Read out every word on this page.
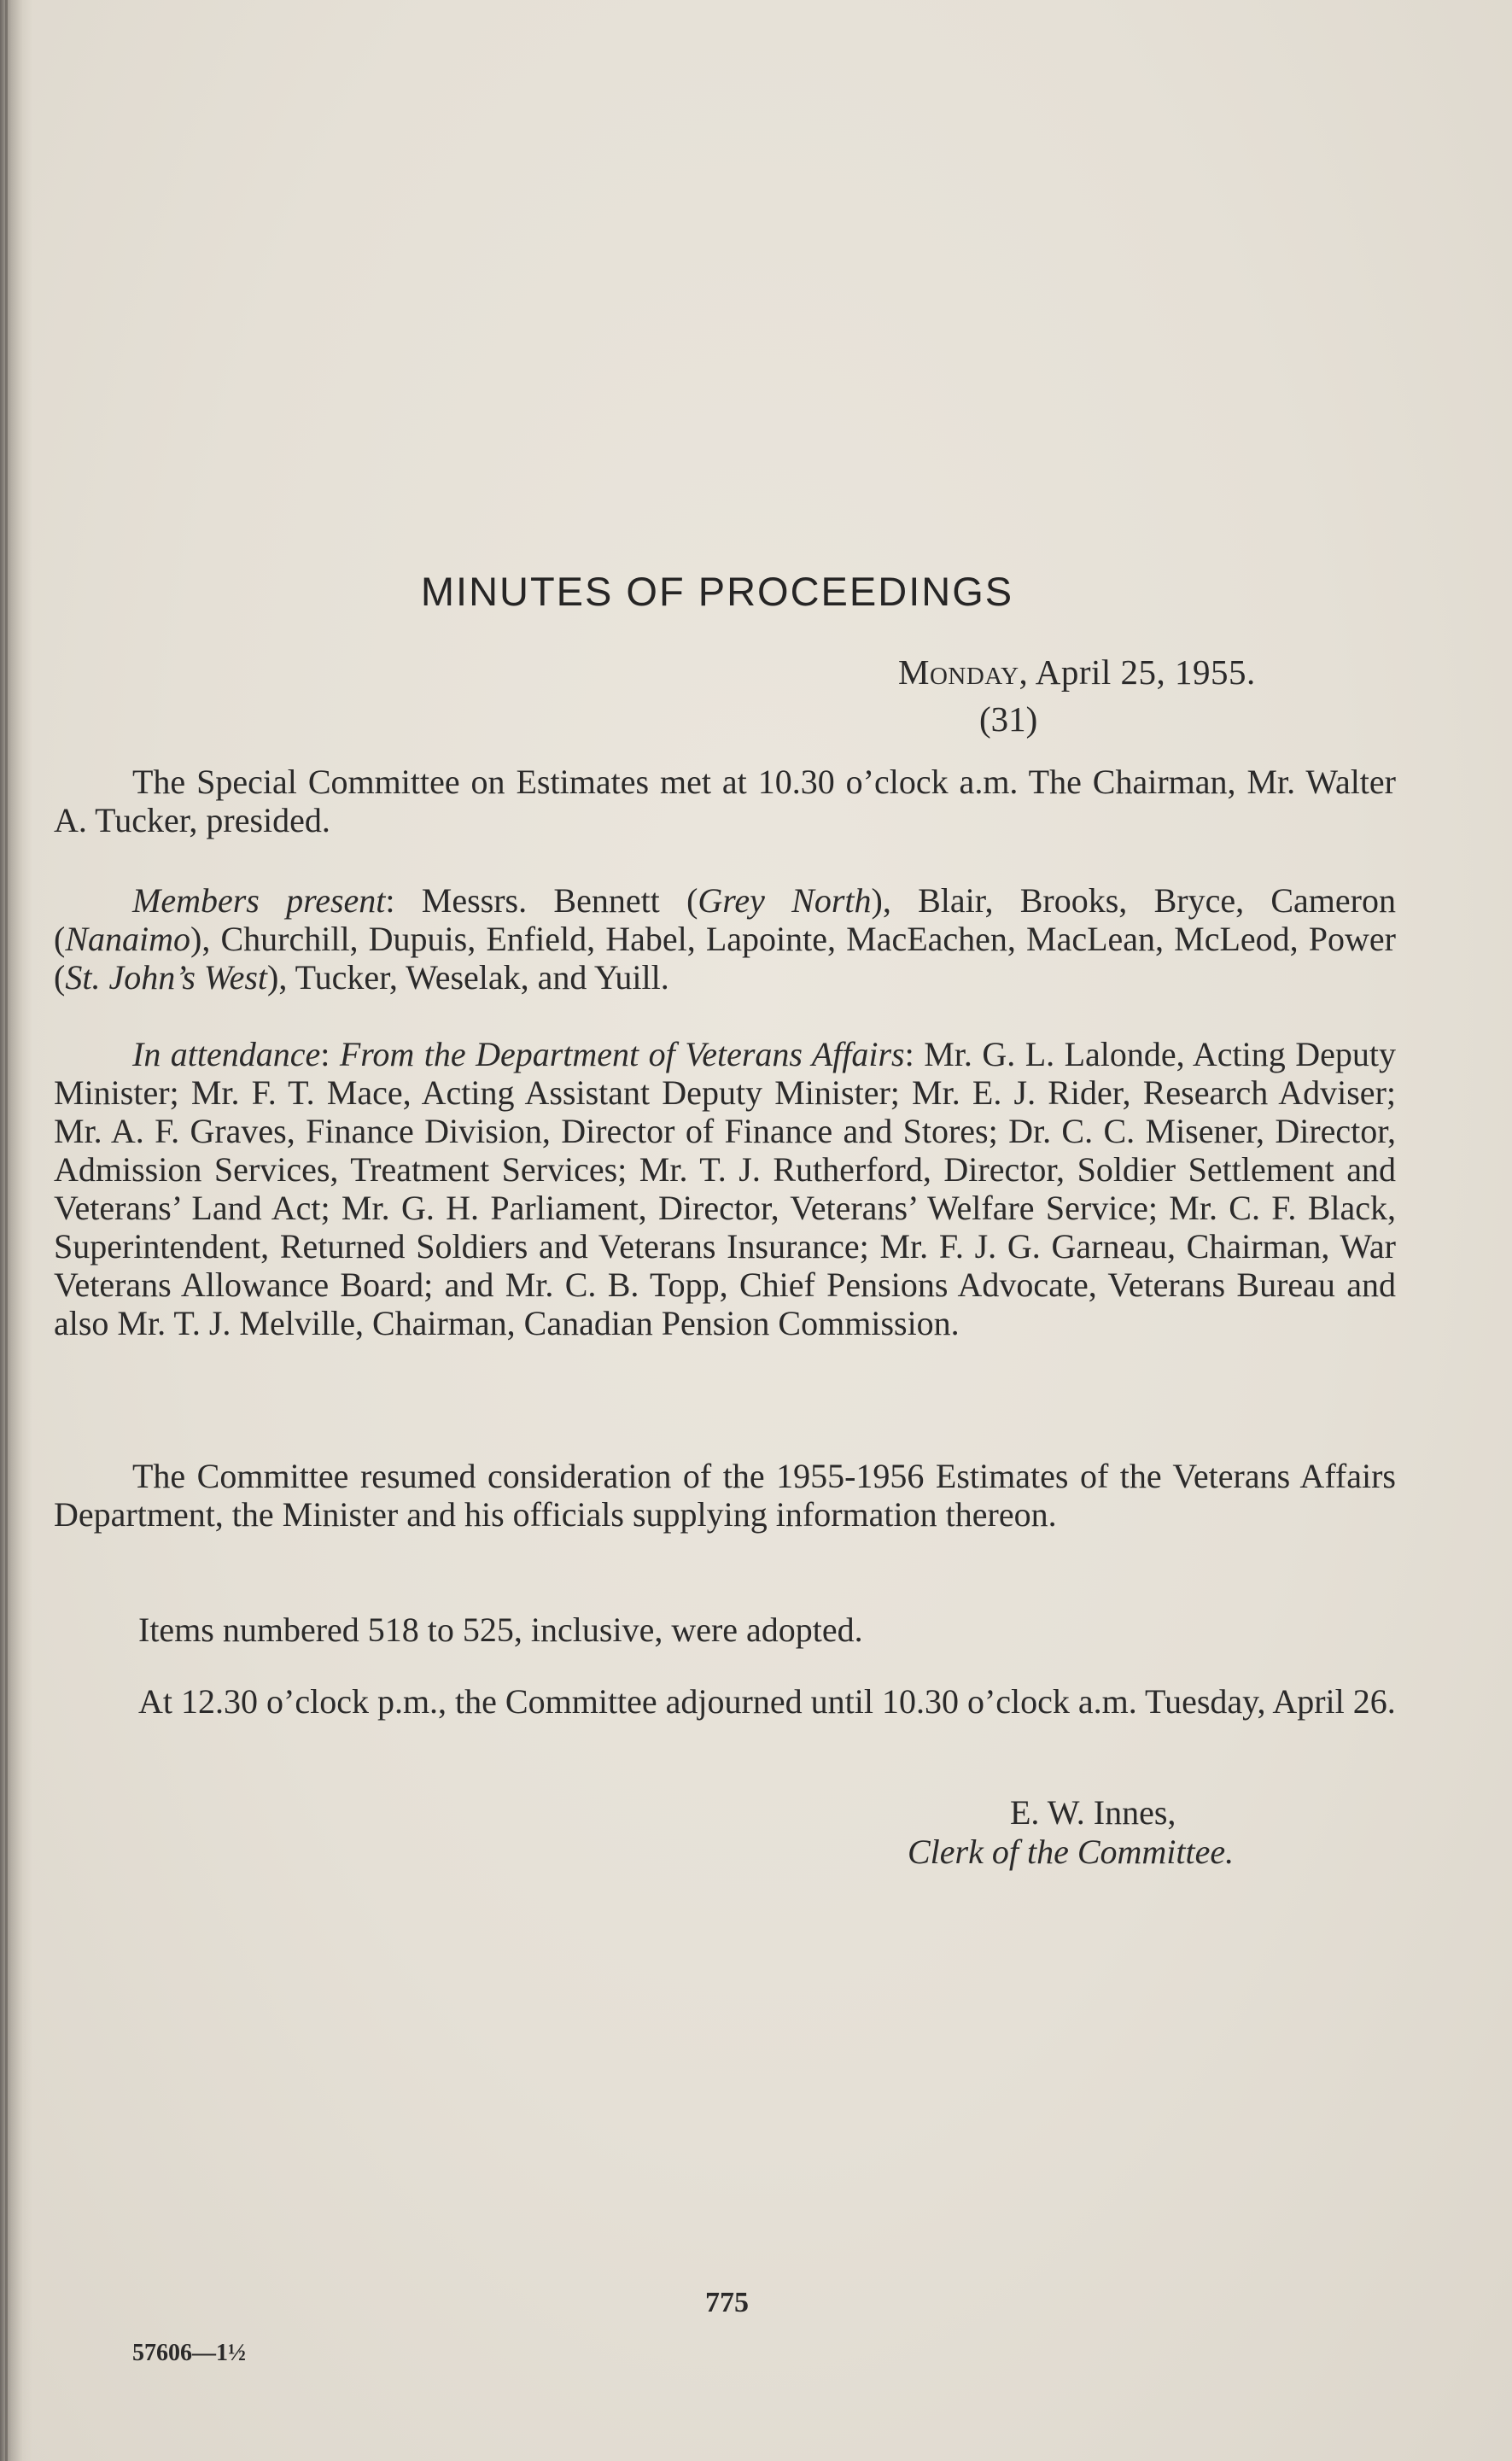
MINUTES OF PROCEEDINGS
Monday, April 25, 1955.
(31)

The Special Committee on Estimates met at 10.30 o’clock a.m. The Chairman, Mr. Walter A. Tucker, presided.

Members present: Messrs. Bennett (Grey North), Blair, Brooks, Bryce, Cameron (Nanaimo), Churchill, Dupuis, Enfield, Habel, Lapointe, MacEachen, MacLean, McLeod, Power (St. John’s West), Tucker, Weselak, and Yuill.

In attendance: From the Department of Veterans Affairs: Mr. G. L. Lalonde, Acting Deputy Minister; Mr. F. T. Mace, Acting Assistant Deputy Minister; Mr. E. J. Rider, Research Adviser; Mr. A. F. Graves, Finance Division, Director of Finance and Stores; Dr. C. C. Misener, Director, Admission Services, Treatment Services; Mr. T. J. Rutherford, Director, Soldier Settlement and Veterans’ Land Act; Mr. G. H. Parliament, Director, Veterans’ Welfare Service; Mr. C. F. Black, Superintendent, Returned Soldiers and Veterans Insurance; Mr. F. J. G. Garneau, Chairman, War Veterans Allowance Board; and Mr. C. B. Topp, Chief Pensions Advocate, Veterans Bureau and also Mr. T. J. Melville, Chairman, Canadian Pension Commission.

The Committee resumed consideration of the 1955-1956 Estimates of the Veterans Affairs Department, the Minister and his officials supplying information thereon.

Items numbered 518 to 525, inclusive, were adopted.

At 12.30 o’clock p.m., the Committee adjourned until 10.30 o’clock a.m. Tuesday, April 26.

E. W. Innes,
Clerk of the Committee.
775
57606—1½
